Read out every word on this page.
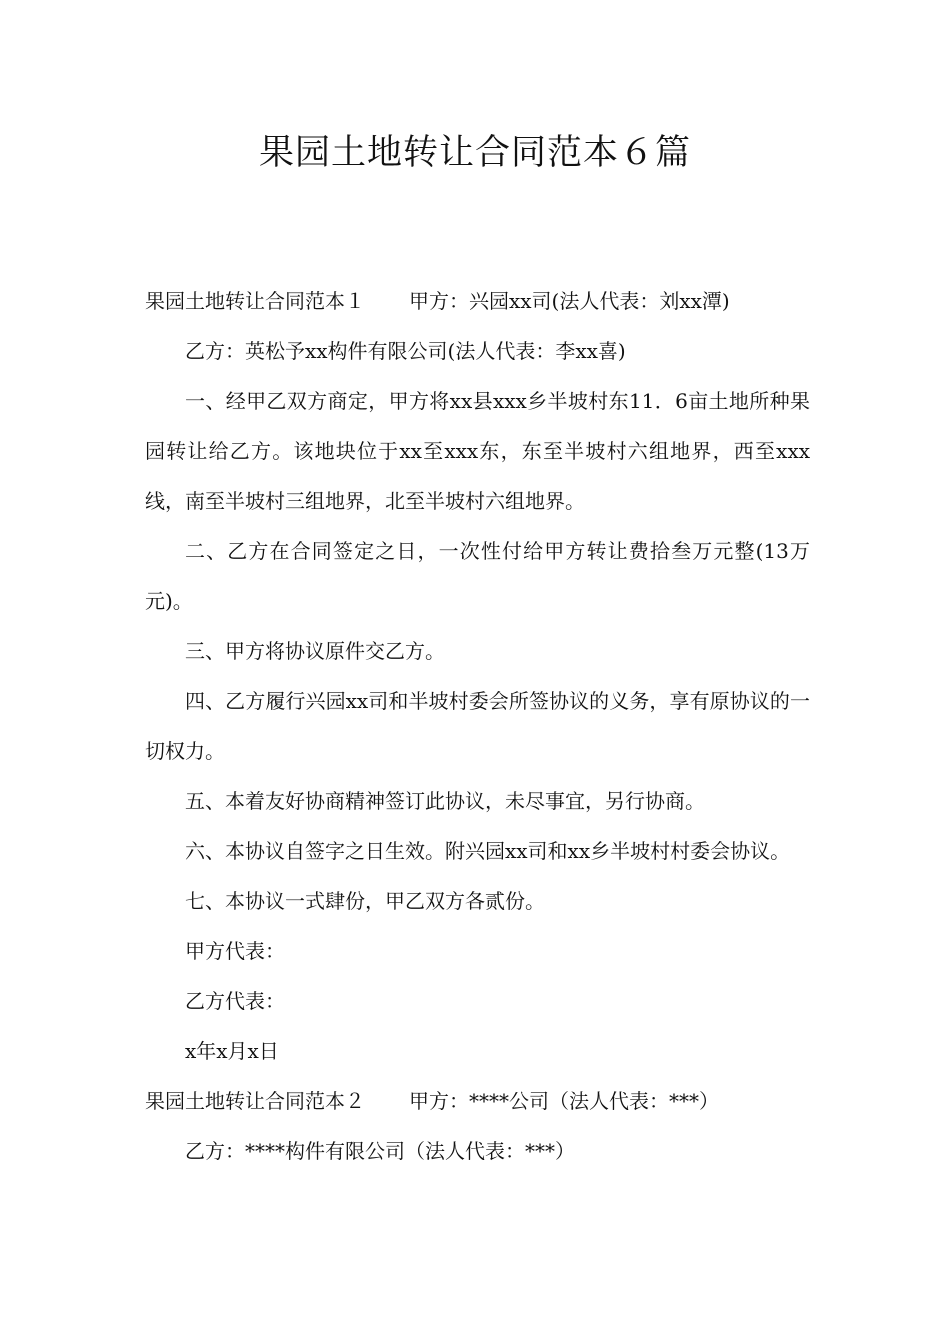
果园土地转让合同范本６篇

果园土地转让合同范本１ 甲方：兴园xx司(法人代表：刘xx潭)

乙方：英松予xx构件有限公司(法人代表：李xx喜)

一、经甲乙双方商定，甲方将xx县xxx乡半坡村东11．6亩土地所种果园转让给乙方。该地块位于xx至xxx东，东至半坡村六组地界，西至xxx线，南至半坡村三组地界，北至半坡村六组地界。

二、乙方在合同签定之日，一次性付给甲方转让费拾叁万元整(13万元)。

三、甲方将协议原件交乙方。

四、乙方履行兴园xx司和半坡村委会所签协议的义务，享有原协议的一切权力。

五、本着友好协商精神签订此协议，未尽事宜，另行协商。

六、本协议自签字之日生效。附兴园xx司和xx乡半坡村村委会协议。

七、本协议一式肆份，甲乙双方各贰份。

甲方代表：

乙方代表：

x年x月x日

果园土地转让合同范本２ 甲方：****公司（法人代表：***）

乙方：****构件有限公司（法人代表：***）
